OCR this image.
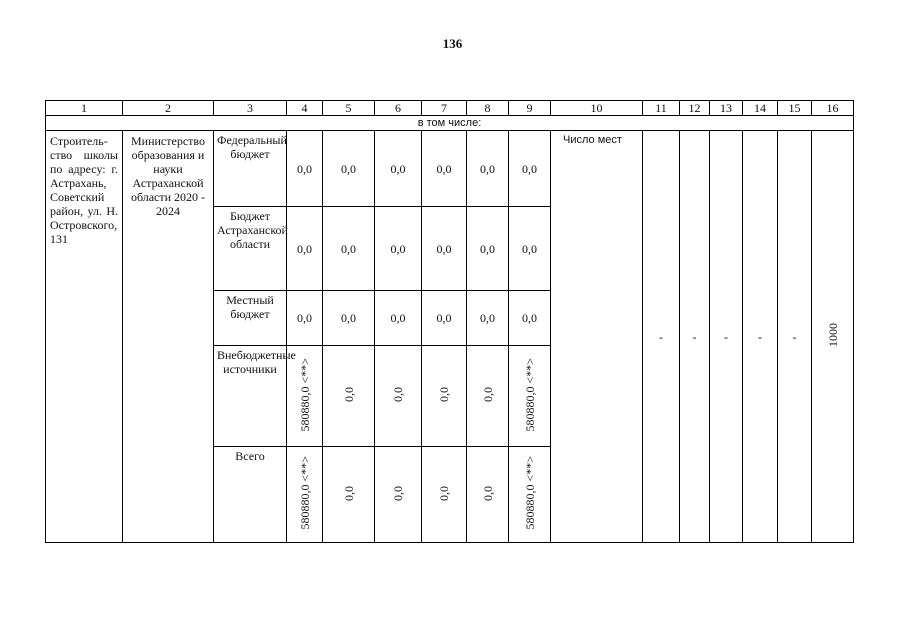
136
1	2	3	4	5	6	7	8	9	10	11	12	13	14	15	16
в том числе:															
Строитель-ство школы по адресу: г. Астрахань, Советский район, ул. Н. Островского, 131	Министерство образования и науки Астраханской области 2020 - 2024	Федеральный бюджет	0,0	0,0	0,0	0,0	0,0	0,0	Число мест	-	-	-	-	-	1000
		Бюджет Астраханской области	0,0	0,0	0,0	0,0	0,0	0,0							
		Местный бюджет	0,0	0,0	0,0	0,0	0,0	0,0							
		Внебюджетные источники	580880,0 <**>	0,0	0,0	0,0	0,0	580880,0 <**>							
		Всего	580880,0 <**>	0,0	0,0	0,0	0,0	580880,0 <**>							
